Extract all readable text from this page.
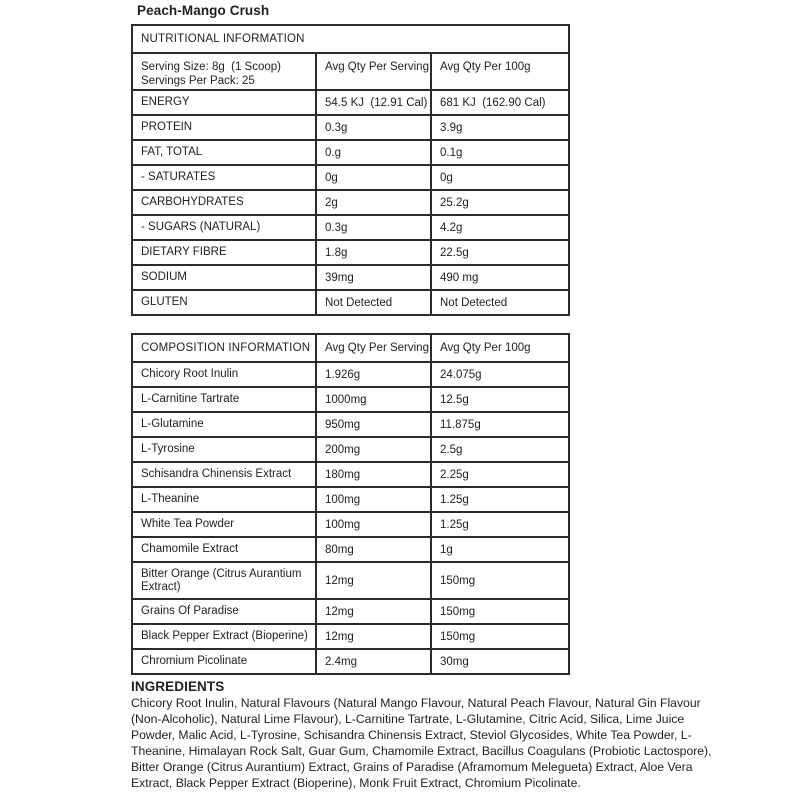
Peach-Mango Crush
NUTRITIONAL INFORMATION		

Serving Size: 8g  (1 Scoop)
Servings Per Pack: 25	Avg Qty Per Serving	Avg Qty Per 100g
ENERGY	54.5 KJ  (12.91 Cal)	681 KJ  (162.90 Cal)
PROTEIN	0.3g	3.9g
FAT, TOTAL	0.g	0.1g
- SATURATES	0g	0g
CARBOHYDRATES	2g	25.2g
- SUGARS (NATURAL)	0.3g	4.2g
DIETARY FIBRE	1.8g	22.5g
SODIUM	39mg	490 mg
GLUTEN	Not Detected	Not Detected
COMPOSITION INFORMATION	Avg Qty Per Serving	Avg Qty Per 100g
Chicory Root Inulin	1.926g	24.075g
L-Carnitine Tartrate	1000mg	12.5g
L-Glutamine	950mg	11.875g
L-Tyrosine	200mg	2.5g
Schisandra Chinensis Extract	180mg	2.25g
L-Theanine	100mg	1.25g
White Tea Powder	100mg	1.25g
Chamomile Extract	80mg	1g
Bitter Orange (Citrus Aurantium Extract)	12mg	150mg
Grains Of Paradise	12mg	150mg
Black Pepper Extract (Bioperine)	12mg	150mg
Chromium Picolinate	2.4mg	30mg
INGREDIENTS

Chicory Root Inulin, Natural Flavours (Natural Mango Flavour, Natural Peach Flavour, Natural Gin Flavour (Non-Alcoholic), Natural Lime Flavour), L-Carnitine Tartrate, L-Glutamine, Citric Acid, Silica, Lime Juice Powder, Malic Acid, L-Tyrosine, Schisandra Chinensis Extract, Steviol Glycosides, White Tea Powder, L-Theanine, Himalayan Rock Salt, Guar Gum, Chamomile Extract, Bacillus Coagulans (Probiotic Lactospore), Bitter Orange (Citrus Aurantium) Extract, Grains of Paradise (Aframomum Melegueta) Extract, Aloe Vera Extract, Black Pepper Extract (Bioperine), Monk Fruit Extract, Chromium Picolinate.
